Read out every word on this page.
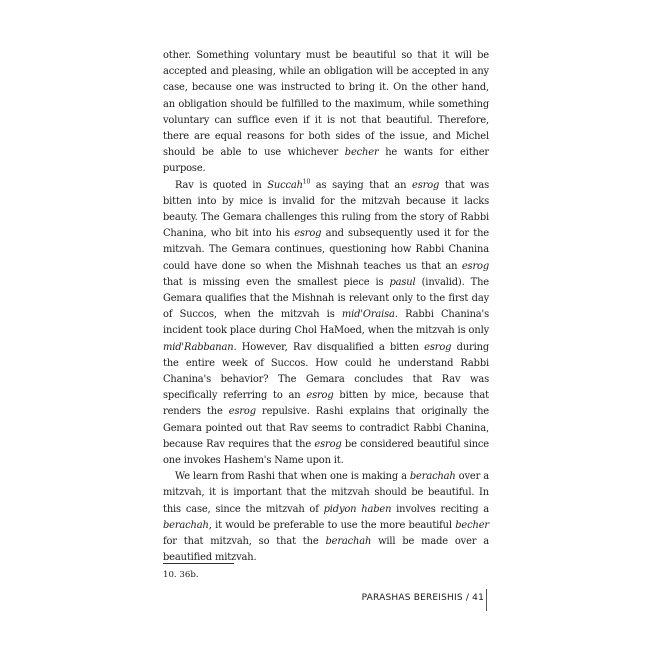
other. Something voluntary must be beautiful so that it will be accepted and pleasing, while an obligation will be accepted in any case, because one was instructed to bring it. On the other hand, an obligation should be fulfilled to the maximum, while something voluntary can suffice even if it is not that beautiful. Therefore, there are equal reasons for both sides of the issue, and Michel should be able to use whichever becher he wants for either purpose.

Rav is quoted in Succah$^{10}$ as saying that an esrog that was bitten into by mice is invalid for the mitzvah because it lacks beauty. The Gemara challenges this ruling from the story of Rabbi Chanina, who bit into his esrog and subsequently used it for the mitzvah. The Gemara continues, questioning how Rabbi Chanina could have done so when the Mishnah teaches us that an esrog that is missing even the smallest piece is pasul (invalid). The Gemara qualifies that the Mishnah is relevant only to the first day of Succos, when the mitzvah is mid'Oraisa. Rabbi Chanina's incident took place during Chol HaMoed, when the mitzvah is only mid'Rabbanan. However, Rav disqualified a bitten esrog during the entire week of Succos. How could he understand Rabbi Chanina's behavior? The Gemara concludes that Rav was specifically referring to an esrog bitten by mice, because that renders the esrog repulsive. Rashi explains that originally the Gemara pointed out that Rav seems to contradict Rabbi Chanina, because Rav requires that the esrog be considered beautiful since one invokes Hashem's Name upon it.

We learn from Rashi that when one is making a berachah over a mitzvah, it is important that the mitzvah should be beautiful. In this case, since the mitzvah of pidyon haben involves reciting a berachah, it would be preferable to use the more beautiful becher for that mitzvah, so that the berachah will be made over a beautified mitzvah.

10. 36b.
PARASHAS BEREISHIS / 41
